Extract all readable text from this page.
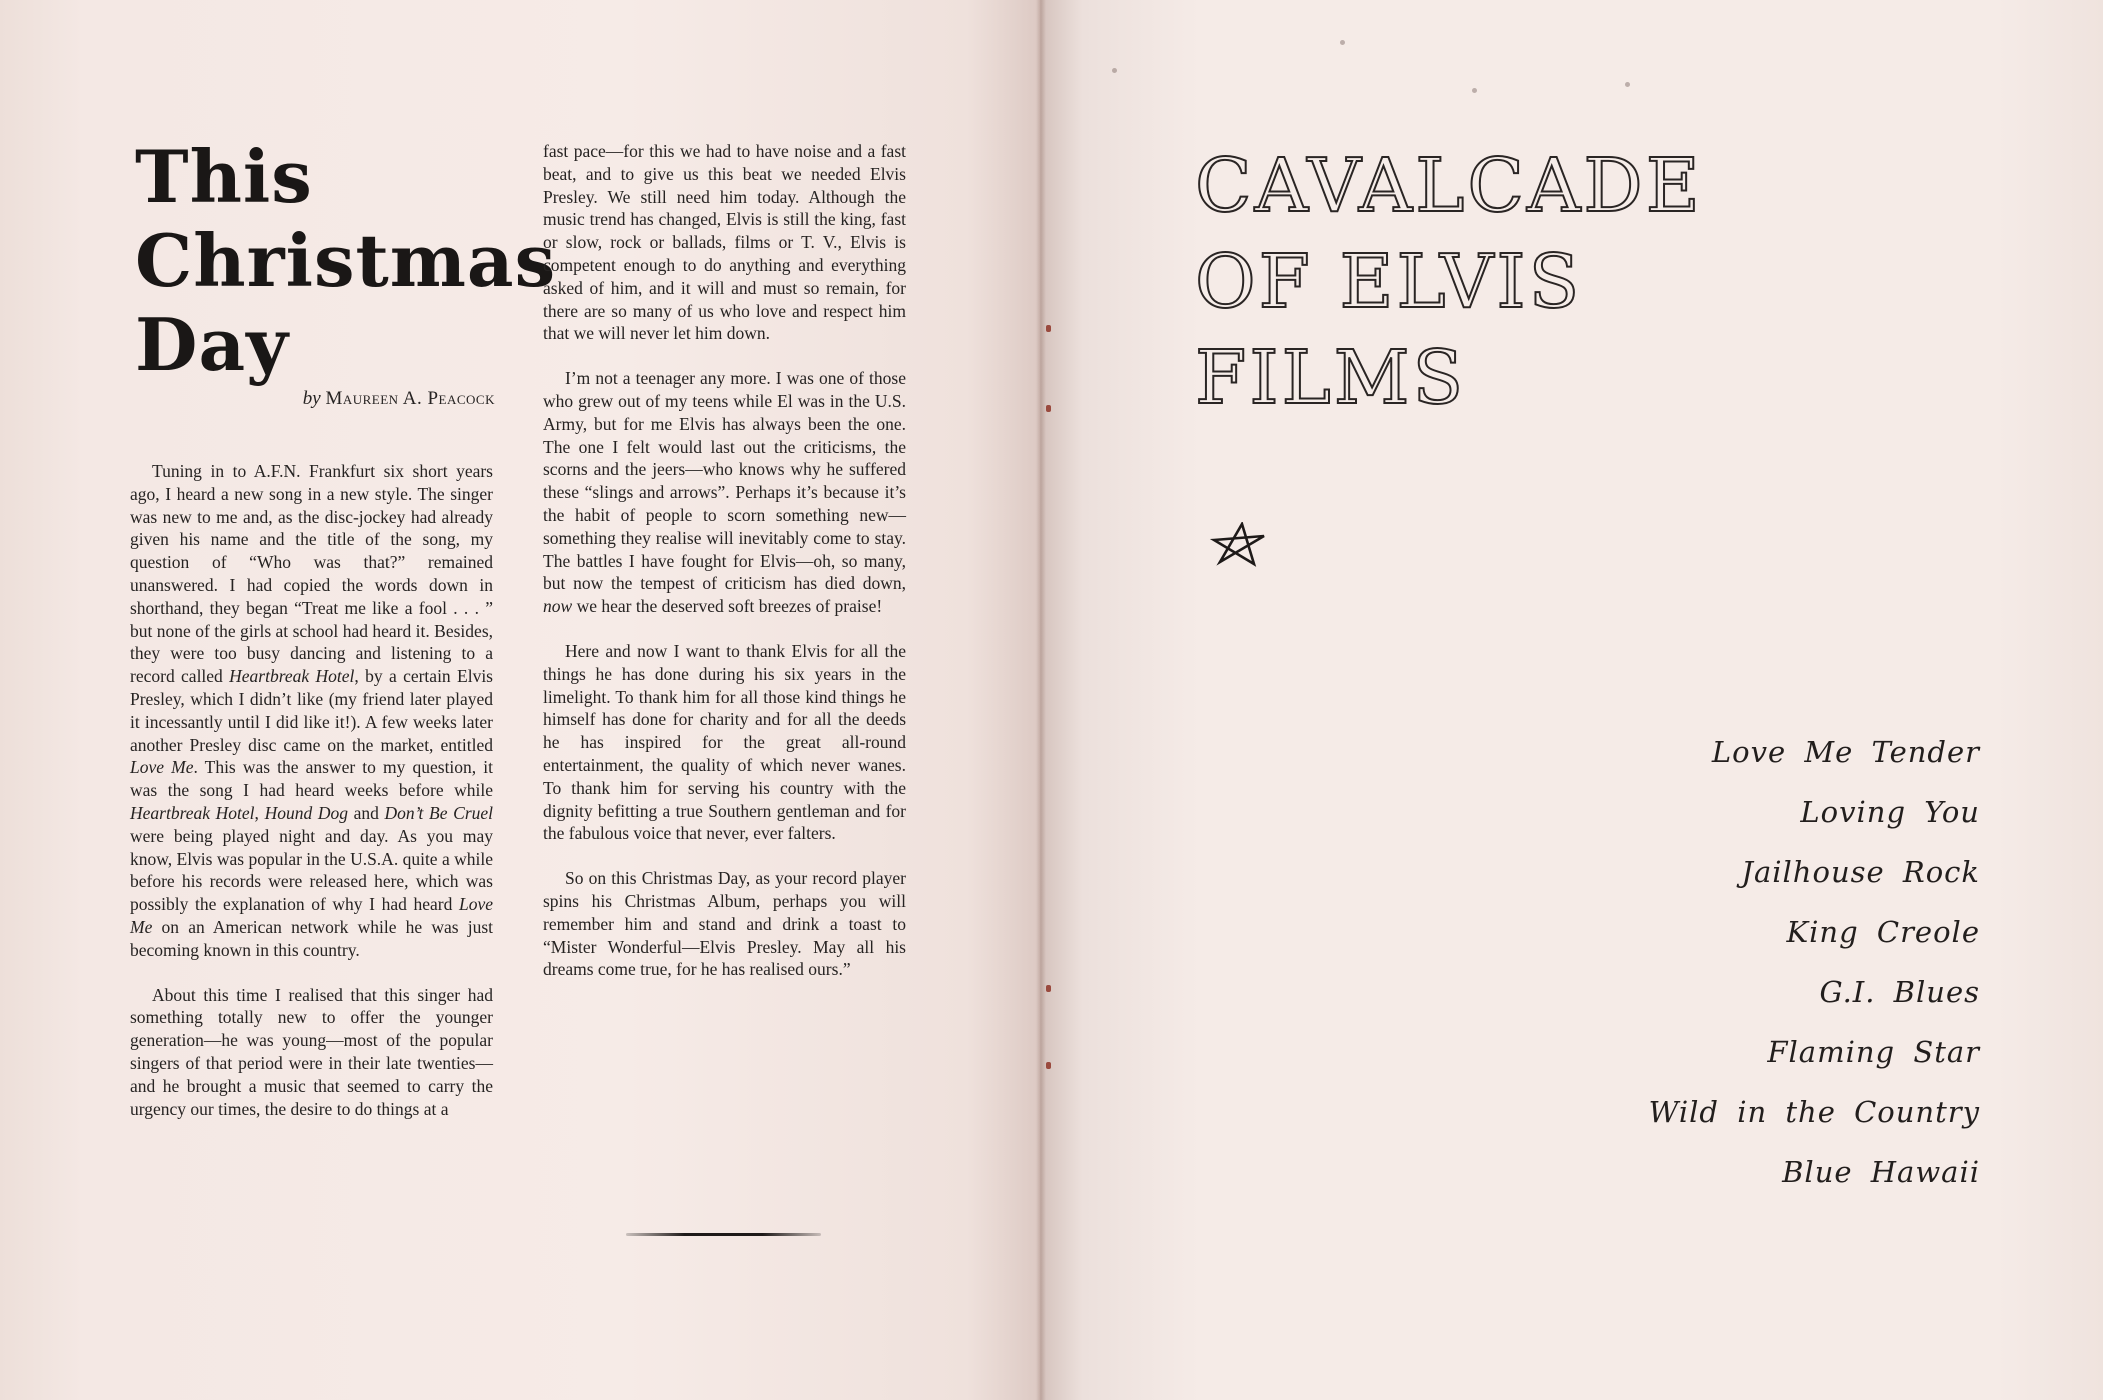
This
Christmas
Day

by Maureen A. Peacock

Tuning in to A.F.N. Frankfurt six short years ago, I heard a new song in a new style. The singer was new to me and, as the disc-jockey had already given his name and the title of the song, my question of “Who was that?” remained unanswered. I had copied the words down in shorthand, they began “Treat me like a fool . . . ” but none of the girls at school had heard it. Besides, they were too busy dancing and listening to a record called Heartbreak Hotel, by a certain Elvis Presley, which I didn’t like (my friend later played it incessantly until I did like it!). A few weeks later another Presley disc came on the market, entitled Love Me. This was the answer to my question, it was the song I had heard weeks before while Heartbreak Hotel, Hound Dog and Don’t Be Cruel were being played night and day. As you may know, Elvis was popular in the U.S.A. quite a while before his records were released here, which was possibly the explanation of why I had heard Love Me on an American network while he was just becoming known in this country.

About this time I realised that this singer had something totally new to offer the younger generation—he was young—most of the popular singers of that period were in their late twenties—and he brought a music that seemed to carry the urgency our times, the desire to do things at a

fast pace—for this we had to have noise and a fast beat, and to give us this beat we needed Elvis Presley. We still need him today. Although the music trend has changed, Elvis is still the king, fast or slow, rock or ballads, films or T. V., Elvis is competent enough to do anything and everything asked of him, and it will and must so remain, for there are so many of us who love and respect him that we will never let him down.

I’m not a teenager any more. I was one of those who grew out of my teens while El was in the U.S. Army, but for me Elvis has always been the one. The one I felt would last out the criticisms, the scorns and the jeers—who knows why he suffered these “slings and arrows”. Perhaps it’s because it’s the habit of people to scorn something new—something they realise will inevitably come to stay. The battles I have fought for Elvis—oh, so many, but now the tempest of criticism has died down, now we hear the deserved soft breezes of praise!

Here and now I want to thank Elvis for all the things he has done during his six years in the limelight. To thank him for all those kind things he himself has done for charity and for all the deeds he has inspired for the great all-round entertainment, the quality of which never wanes. To thank him for serving his country with the dignity befitting a true Southern gentleman and for the fabulous voice that never, ever falters.

So on this Christmas Day, as your record player spins his Christmas Album, perhaps you will remember him and stand and drink a toast to “Mister Wonderful—Elvis Presley. May all his dreams come true, for he has realised ours.”

CAVALCADE
OF ELVIS
FILMS
Love Me Tender
Loving You
Jailhouse Rock
King Creole
G.I. Blues
Flaming Star
Wild in the Country
Blue Hawaii
